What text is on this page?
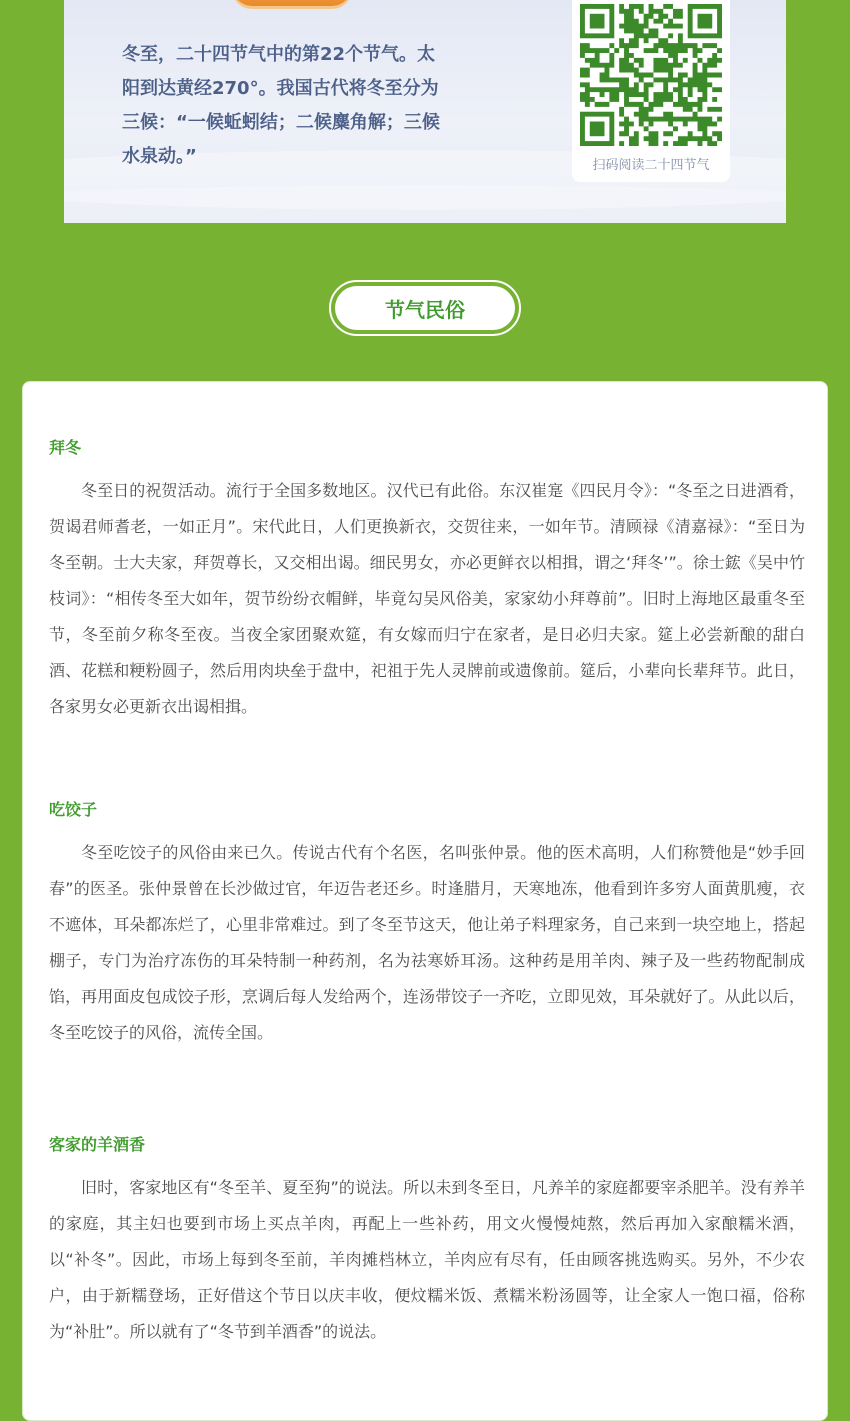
冬至，二十四节气中的第22个节气。太阳到达黄经270°。我国古代将冬至分为三候：“一候蚯蚓结；二候麋角解；三候水泉动。”	扫码阅读二十四节气
节气民俗
拜冬

冬至日的祝贺活动。流行于全国多数地区。汉代已有此俗。东汉崔寔《四民月令》：“冬至之日进酒肴，贺谒君师耆老，一如正月”。宋代此日，人们更换新衣，交贺往来，一如年节。清顾禄《清嘉禄》：“至日为冬至朝。士大夫家，拜贺尊长，又交相出谒。细民男女，亦必更鲜衣以相揖，谓之‘拜冬’”。徐士鋐《吴中竹枝词》：“相传冬至大如年，贺节纷纷衣帽鲜，毕竟勾吴风俗美，家家幼小拜尊前”。旧时上海地区最重冬至节，冬至前夕称冬至夜。当夜全家团聚欢筵，有女嫁而归宁在家者，是日必归夫家。筵上必尝新酿的甜白酒、花糕和粳粉圆子，然后用肉块垒于盘中，祀祖于先人灵牌前或遗像前。筵后，小辈向长辈拜节。此日，各家男女必更新衣出谒相揖。

吃饺子

冬至吃饺子的风俗由来已久。传说古代有个名医，名叫张仲景。他的医术高明，人们称赞他是“妙手回春”的医圣。张仲景曾在长沙做过官，年迈告老还乡。时逢腊月，天寒地冻，他看到许多穷人面黄肌瘦，衣不遮体，耳朵都冻烂了，心里非常难过。到了冬至节这天，他让弟子料理家务，自己来到一块空地上，搭起棚子，专门为治疗冻伤的耳朵特制一种药剂，名为祛寒娇耳汤。这种药是用羊肉、辣子及一些药物配制成馅，再用面皮包成饺子形，烹调后每人发给两个，连汤带饺子一齐吃，立即见效，耳朵就好了。从此以后，冬至吃饺子的风俗，流传全国。

客家的羊酒香

旧时，客家地区有“冬至羊、夏至狗”的说法。所以未到冬至日，凡养羊的家庭都要宰杀肥羊。没有养羊的家庭，其主妇也要到市场上买点羊肉，再配上一些补药，用文火慢慢炖熬，然后再加入家酿糯米酒，以“补冬”。因此，市场上每到冬至前，羊肉摊档林立，羊肉应有尽有，任由顾客挑选购买。另外，不少农户，由于新糯登场，正好借这个节日以庆丰收，便炆糯米饭、煮糯米粉汤圆等，让全家人一饱口福，俗称为“补肚”。所以就有了“冬节到羊酒香”的说法。
